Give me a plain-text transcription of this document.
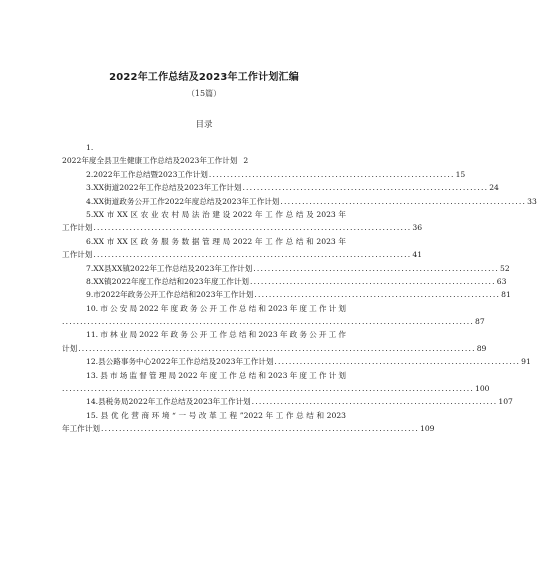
2022年工作总结及2023年工作计划汇编
（15篇）
目录
1.
2022年度全县卫生健康工作总结及2023年工作计划 2
2.2022年工作总结暨2023工作计划 .................................................................... 15
3.XX街道2022年工作总结及2023年工作计划 .................................................................... 24
4.XX街道政务公开工作2022年度总结及2023年工作计划 .................................................................... 33
5.XX市XX区农业农村局法治建设2022年工作总结及2023年
工作计划 ........................................................................................ 36
6.XX市XX区政务服务数据管理局2022年工作总结和2023年
工作计划 ........................................................................................ 41
7.XX县XX镇2022年工作总结及2023年工作计划 .................................................................... 52
8.XX镇2022年度工作总结和2023年度工作计划 .................................................................... 63
9.市2022年政务公开工作总结和2023年工作计划 .................................................................... 81
10.市公安局2022年度政务公开工作总结和2023年度工作计划
.................................................................................................................. 87
11.市林业局2022年政务公开工作总结和2023年政务公开工作
计划 .............................................................................................................. 89
12.县公路事务中心2022年工作总结及2023年工作计划 .................................................................... 91
13.县市场监督管理局2022年度工作总结和2023年度工作计划
.................................................................................................................. 100
14.县税务局2022年工作总结及2023年工作计划 .................................................................... 107
15.县优化营商环境“一号改革工程”2022年工作总结和2023
年工作计划 ........................................................................................ 109
